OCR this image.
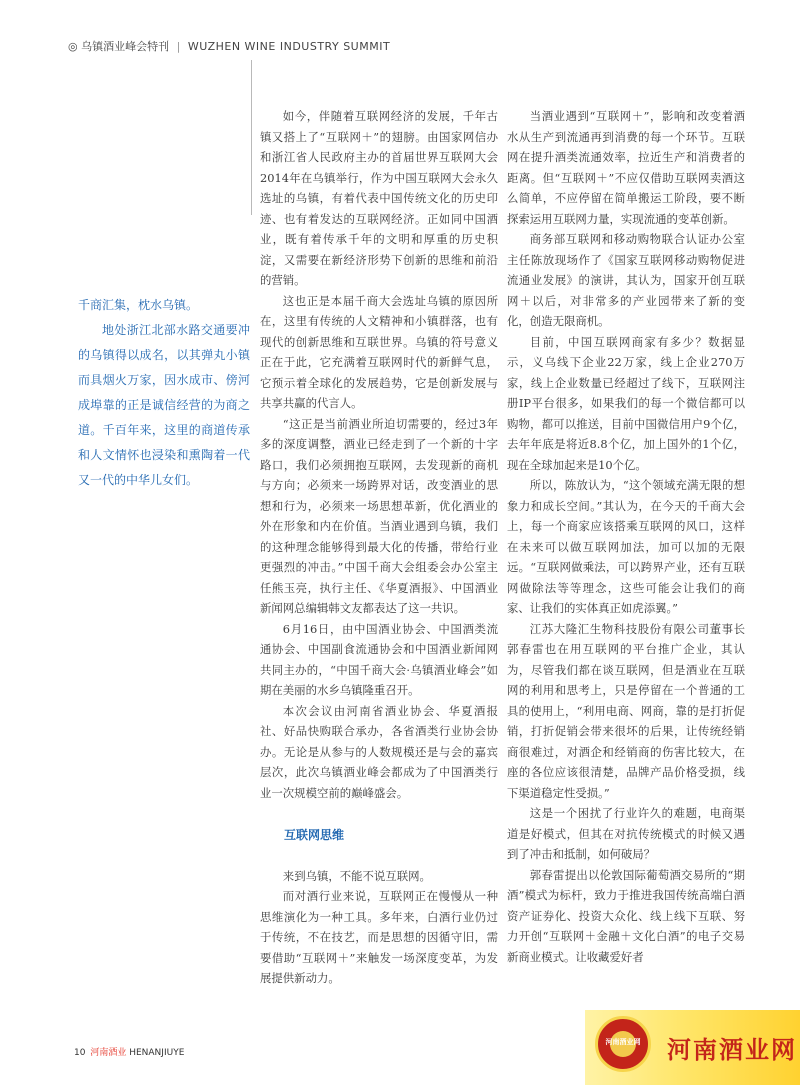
◎ 乌镇酒业峰会特刊 | WUZHEN WINE INDUSTRY SUMMIT

千商汇集，枕水乌镇。

地处浙江北部水路交通要冲的乌镇得以成名，以其弹丸小镇而具烟火万家，因水成市、傍河成埠靠的正是诚信经营的为商之道。千百年来，这里的商道传承和人文情怀也浸染和熏陶着一代又一代的中华儿女们。

如今，伴随着互联网经济的发展，千年古镇又搭上了“互联网＋”的翅膀。由国家网信办和浙江省人民政府主办的首届世界互联网大会2014年在乌镇举行，作为中国互联网大会永久选址的乌镇，有着代表中国传统文化的历史印迹、也有着发达的互联网经济。正如同中国酒业，既有着传承千年的文明和厚重的历史积淀，又需要在新经济形势下创新的思维和前沿的营销。

这也正是本届千商大会选址乌镇的原因所在，这里有传统的人文精神和小镇群落，也有现代的创新思维和互联世界。乌镇的符号意义正在于此，它充满着互联网时代的新鲜气息，它预示着全球化的发展趋势，它是创新发展与共享共赢的代言人。

“这正是当前酒业所迫切需要的，经过3年多的深度调整，酒业已经走到了一个新的十字路口，我们必须拥抱互联网，去发现新的商机与方向；必须来一场跨界对话，改变酒业的思想和行为，必须来一场思想革新，优化酒业的外在形象和内在价值。当酒业遇到乌镇，我们的这种理念能够得到最大化的传播，带给行业更强烈的冲击。”中国千商大会组委会办公室主任熊玉亮，执行主任、《华夏酒报》、中国酒业新闻网总编辑韩文友都表达了这一共识。

6月16日，由中国酒业协会、中国酒类流通协会、中国副食流通协会和中国酒业新闻网共同主办的，“中国千商大会·乌镇酒业峰会”如期在美丽的水乡乌镇隆重召开。

本次会议由河南省酒业协会、华夏酒报社、好品快购联合承办，各省酒类行业协会协办。无论是从参与的人数规模还是与会的嘉宾层次，此次乌镇酒业峰会都成为了中国酒类行业一次规模空前的巅峰盛会。

互联网思维

来到乌镇，不能不说互联网。

而对酒行业来说，互联网正在慢慢从一种思维演化为一种工具。多年来，白酒行业仍过于传统，不在技艺，而是思想的因循守旧，需要借助“互联网＋”来触发一场深度变革，为发展提供新动力。

当酒业遇到“互联网＋”，影响和改变着酒水从生产到流通再到消费的每一个环节。互联网在提升酒类流通效率，拉近生产和消费者的距离。但“互联网＋”不应仅借助互联网卖酒这么简单，不应停留在简单搬运工阶段，要不断探索运用互联网力量，实现流通的变革创新。

商务部互联网和移动购物联合认证办公室主任陈放现场作了《国家互联网移动购物促进流通业发展》的演讲，其认为，国家开创互联网＋以后，对非常多的产业园带来了新的变化，创造无限商机。

目前，中国互联网商家有多少？数据显示，义乌线下企业22万家，线上企业270万家，线上企业数量已经超过了线下，互联网注册IP平台很多，如果我们的每一个微信都可以购物，都可以推送，目前中国微信用户9个亿，去年年底是将近8.8个亿，加上国外的1个亿，现在全球加起来是10个亿。

所以，陈放认为，“这个领域充满无限的想象力和成长空间。”其认为，在今天的千商大会上，每一个商家应该搭乘互联网的风口，这样在未来可以做互联网加法，加可以加的无限远。“互联网做乘法，可以跨界产业，还有互联网做除法等等理念，这些可能会让我们的商家、让我们的实体真正如虎添翼。”

江苏大隆汇生物科技股份有限公司董事长郭春雷也在用互联网的平台推广企业，其认为，尽管我们都在谈互联网，但是酒业在互联网的利用和思考上，只是停留在一个普通的工具的使用上，“利用电商、网商，靠的是打折促销，打折促销会带来很坏的后果，让传统经销商很难过，对酒企和经销商的伤害比较大，在座的各位应该很清楚，品牌产品价格受损，线下渠道稳定性受损。”

这是一个困扰了行业许久的难题，电商渠道是好模式，但其在对抗传统模式的时候又遇到了冲击和抵制，如何破局？

郭春雷提出以伦敦国际葡萄酒交易所的“期酒”模式为标杆，致力于推进我国传统高端白酒资产证券化、投资大众化、线上线下互联、努力开创“互联网＋金融＋文化白酒”的电子交易新商业模式。让收藏爱好者

10 河南酒业 HENANJIUYE
河南酒业网	河南酒业网
